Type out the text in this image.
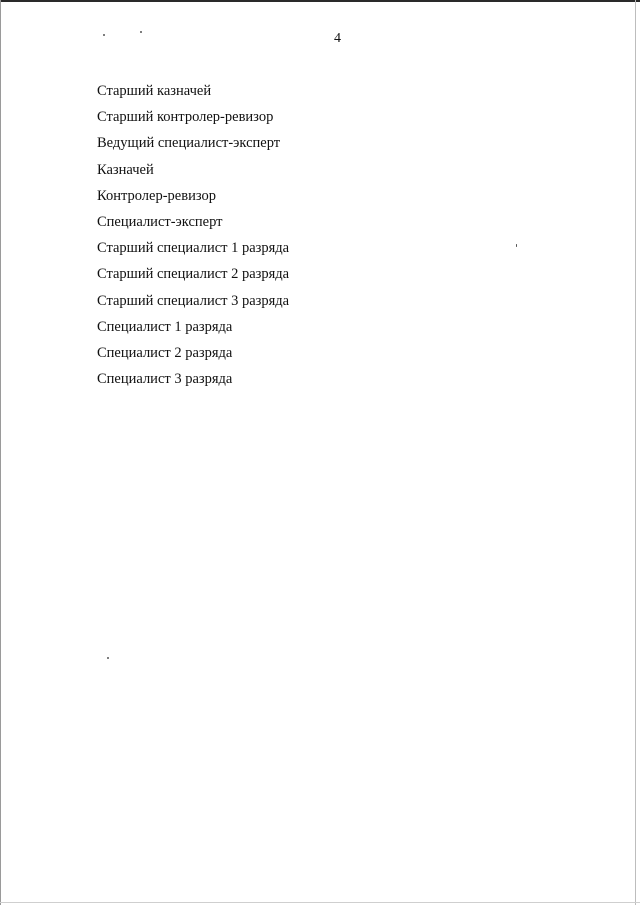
4
Старший казначей
Старший контролер-ревизор
Ведущий специалист-эксперт
Казначей
Контролер-ревизор
Специалист-эксперт
Старший специалист 1 разряда
Старший специалист 2 разряда
Старший специалист 3 разряда
Специалист 1 разряда
Специалист 2 разряда
Специалист 3 разряда
